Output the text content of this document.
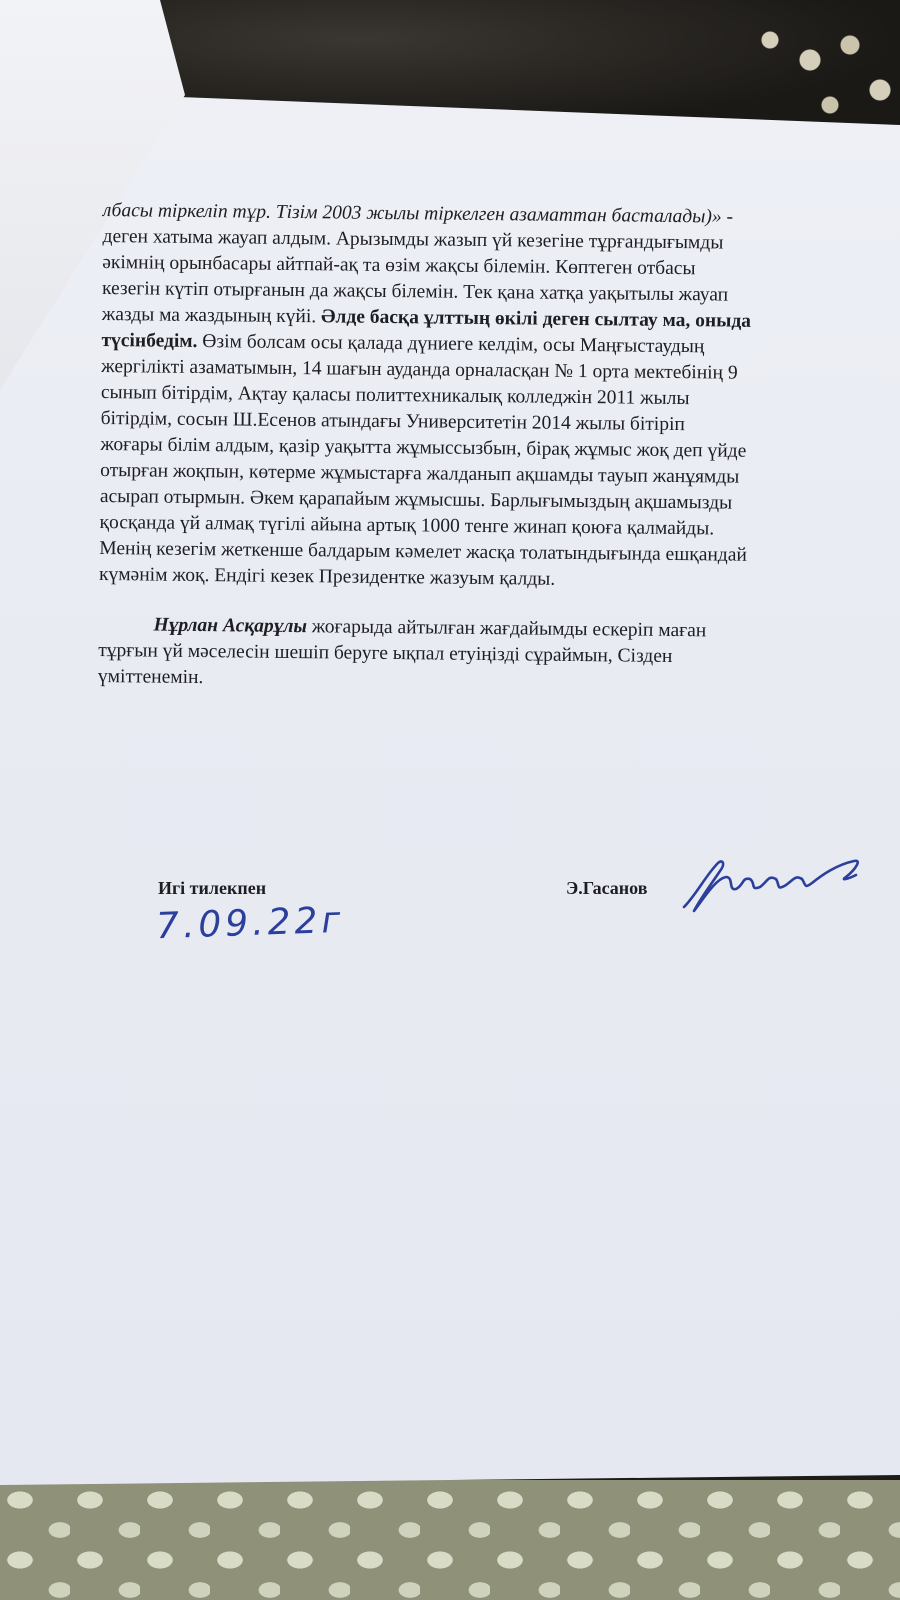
лбасы тіркеліп тұр. Тізім 2003 жылы тіркелген азаматтан басталады)» -
деген хатыма жауап алдым. Арызымды жазып үй кезегіне тұрғандығымды
әкімнің орынбасары айтпай-ақ та өзім жақсы білемін. Көптеген отбасы
кезегін күтіп отырғанын да жақсы білемін. Тек қана хатқа уақытылы жауап
жазды ма жаздының күйі. Әлде басқа ұлттың өкілі деген сылтау ма, оныда
түсінбедім. Өзім болсам осы қалада дүниеге келдім, осы Маңғыстаудың
жергілікті азаматымын, 14 шағын ауданда орналасқан № 1 орта мектебінің 9
сынып бітірдім, Ақтау қаласы политтехникалық колледжін 2011 жылы
бітірдім, сосын Ш.Есенов атындағы Университетін 2014 жылы бітіріп
жоғары білім алдым, қазір уақытта жұмыссызбын, бірақ жұмыс жоқ деп үйде
отырған жоқпын, көтерме жұмыстарға жалданып ақшамды тауып жанұямды
асырап отырмын. Әкем қарапайым жұмысшы. Барлығымыздың ақшамызды
қосқанда үй алмақ түгілі айына артық 1000 тенге жинап қоюға қалмайды.
Менің кезегім жеткенше балдарым кәмелет жасқа толатындығында ешқандай
күмәнім жоқ. Ендігі кезек Президентке жазуым қалды.

Нұрлан Асқарұлы жоғарыда айтылған жағдайымды ескеріп маған
тұрғын үй мәселесін шешіп беруге ықпал етуіңізді сұраймын, Сізден
үміттенемін.

Игі тилекпен	Э.Гасанов
7.09.22г
